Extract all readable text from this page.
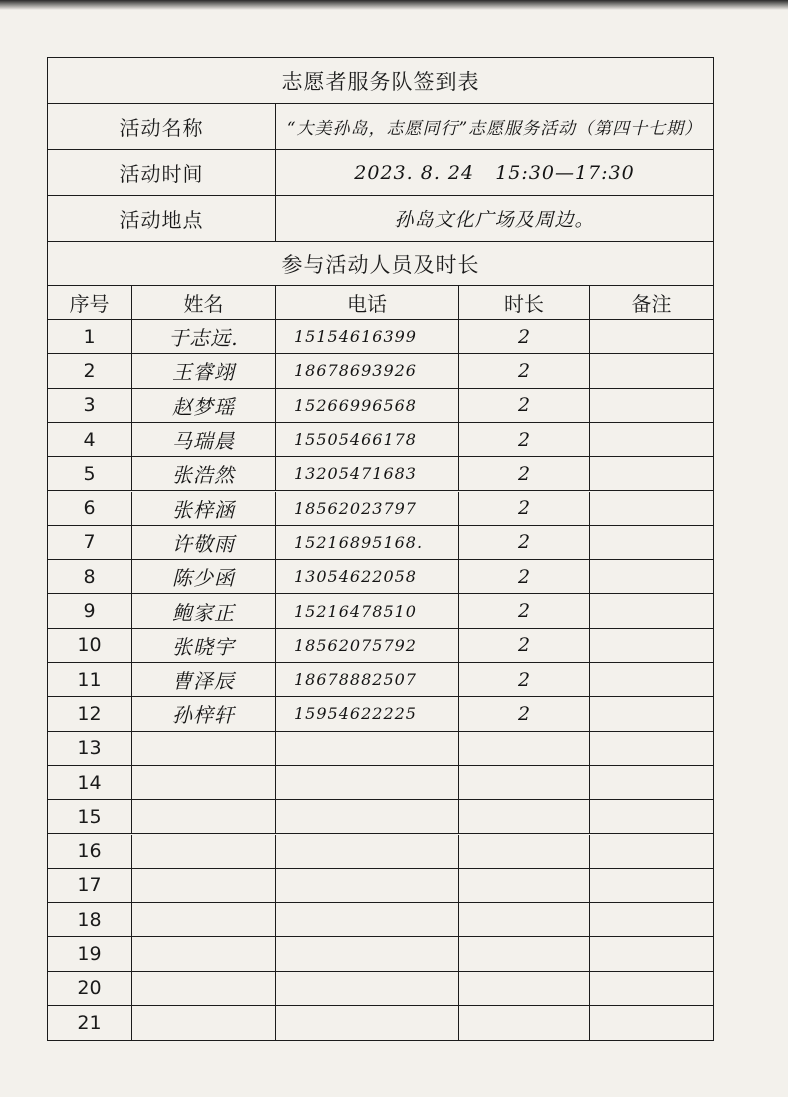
志愿者服务队签到表
活动名称	“大美孙岛，志愿同行”志愿服务活动（第四十七期）
活动时间	2023. 8. 24   15:30—17:30
活动地点	孙岛文化广场及周边。
参与活动人员及时长
序号	姓名	电话	时长	备注
1	于志远.	15154616399	2
2	王睿翊	18678693926	2
3	赵梦瑶	15266996568	2
4	马瑞晨	15505466178	2
5	张浩然	13205471683	2
6	张梓涵	18562023797	2
7	许敬雨	15216895168.	2
8	陈少函	13054622058	2
9	鲍家正	15216478510	2
10	张晓宇	18562075792	2
11	曹泽辰	18678882507	2
12	孙梓轩	15954622225	2
13
14
15
16
17
18
19
20
21
